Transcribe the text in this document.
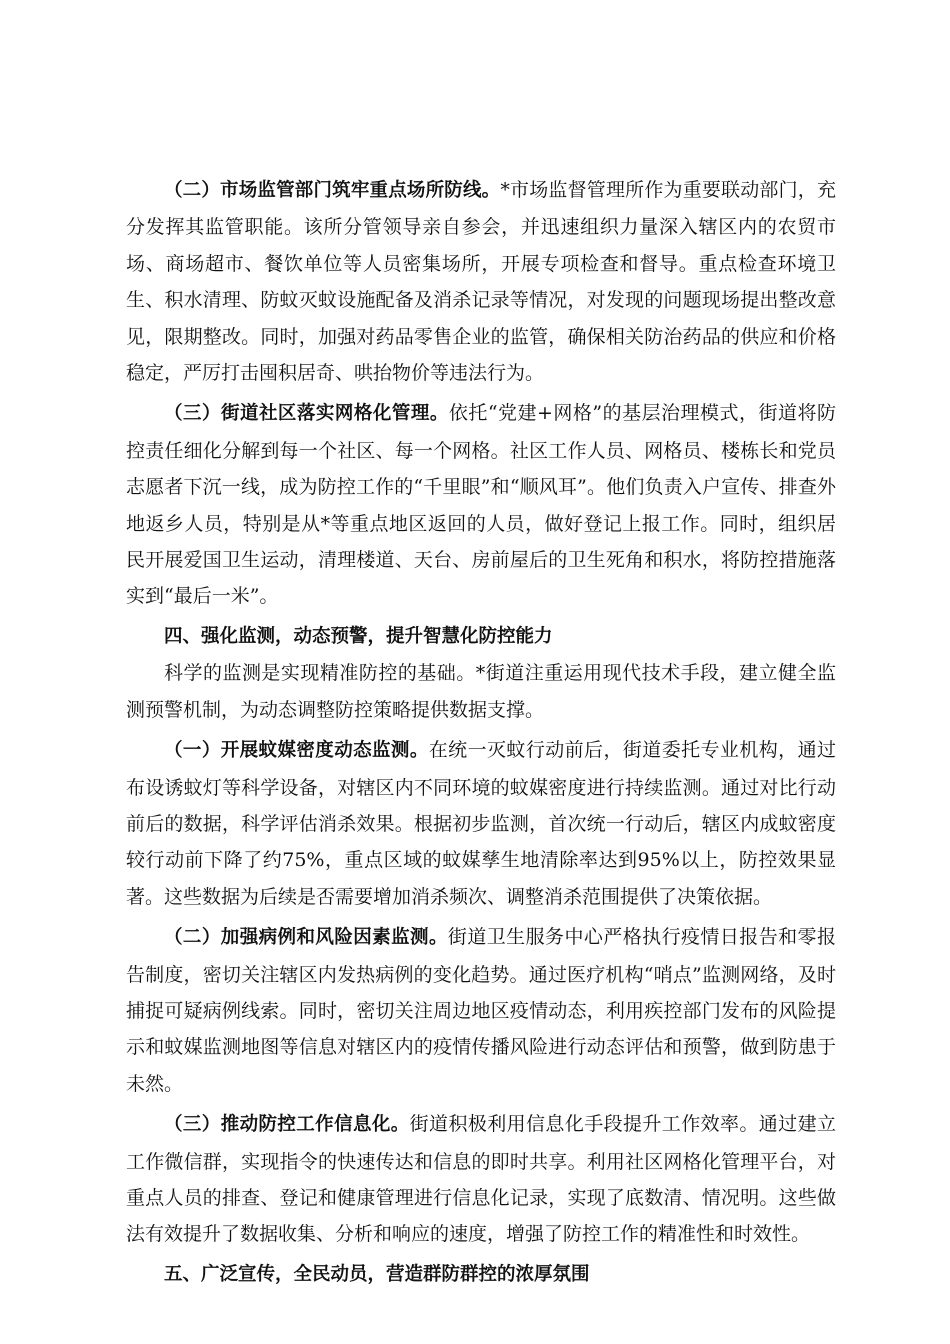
（二）市场监管部门筑牢重点场所防线。*市场监督管理所作为重要联动部门，充分发挥其监管职能。该所分管领导亲自参会，并迅速组织力量深入辖区内的农贸市场、商场超市、餐饮单位等人员密集场所，开展专项检查和督导。重点检查环境卫生、积水清理、防蚊灭蚊设施配备及消杀记录等情况，对发现的问题现场提出整改意见，限期整改。同时，加强对药品零售企业的监管，确保相关防治药品的供应和价格稳定，严厉打击囤积居奇、哄抬物价等违法行为。

（三）街道社区落实网格化管理。依托“党建+网格”的基层治理模式，街道将防控责任细化分解到每一个社区、每一个网格。社区工作人员、网格员、楼栋长和党员志愿者下沉一线，成为防控工作的“千里眼”和“顺风耳”。他们负责入户宣传、排查外地返乡人员，特别是从*等重点地区返回的人员，做好登记上报工作。同时，组织居民开展爱国卫生运动，清理楼道、天台、房前屋后的卫生死角和积水，将防控措施落实到“最后一米”。

四、强化监测，动态预警，提升智慧化防控能力

科学的监测是实现精准防控的基础。*街道注重运用现代技术手段，建立健全监测预警机制，为动态调整防控策略提供数据支撑。

（一）开展蚊媒密度动态监测。在统一灭蚊行动前后，街道委托专业机构，通过布设诱蚊灯等科学设备，对辖区内不同环境的蚊媒密度进行持续监测。通过对比行动前后的数据，科学评估消杀效果。根据初步监测，首次统一行动后，辖区内成蚊密度较行动前下降了约75%，重点区域的蚊媒孳生地清除率达到95%以上，防控效果显著。这些数据为后续是否需要增加消杀频次、调整消杀范围提供了决策依据。

（二）加强病例和风险因素监测。街道卫生服务中心严格执行疫情日报告和零报告制度，密切关注辖区内发热病例的变化趋势。通过医疗机构“哨点”监测网络，及时捕捉可疑病例线索。同时，密切关注周边地区疫情动态，利用疾控部门发布的风险提示和蚊媒监测地图等信息对辖区内的疫情传播风险进行动态评估和预警，做到防患于未然。

（三）推动防控工作信息化。街道积极利用信息化手段提升工作效率。通过建立工作微信群，实现指令的快速传达和信息的即时共享。利用社区网格化管理平台，对重点人员的排查、登记和健康管理进行信息化记录，实现了底数清、情况明。这些做法有效提升了数据收集、分析和响应的速度，增强了防控工作的精准性和时效性。

五、广泛宣传，全民动员，营造群防群控的浓厚氛围
